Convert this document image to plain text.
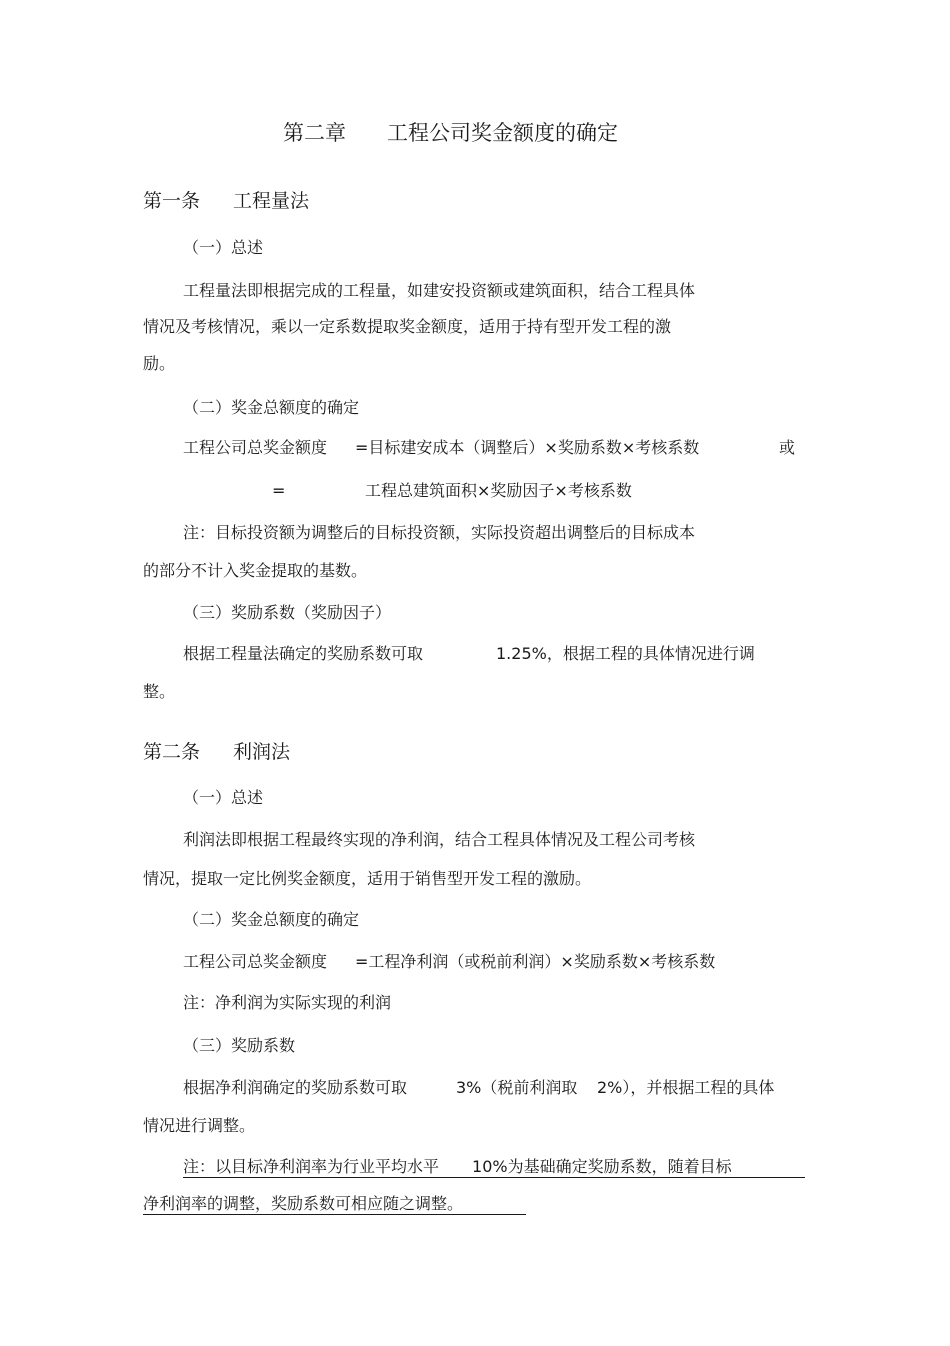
第二章 工程公司奖金额度的确定
第一条 工程量法
（一）总述
工程量法即根据完成的工程量，如建安投资额或建筑面积，结合工程具体
情况及考核情况，乘以一定系数提取奖金额度，适用于持有型开发工程的激
励。
（二）奖金总额度的确定
工程公司总奖金额度 =目标建安成本（调整后）×奖励系数×考核系数	或
=	工程总建筑面积×奖励因子×考核系数
注：目标投资额为调整后的目标投资额，实际投资超出调整后的目标成本
的部分不计入奖金提取的基数。
（三）奖励系数（奖励因子）
根据工程量法确定的奖励系数可取	1.25%，根据工程的具体情况进行调
整。
第二条 利润法
（一）总述
利润法即根据工程最终实现的净利润，结合工程具体情况及工程公司考核
情况，提取一定比例奖金额度，适用于销售型开发工程的激励。
（二）奖金总额度的确定
工程公司总奖金额度 =工程净利润（或税前利润）×奖励系数×考核系数
注：净利润为实际实现的利润
（三）奖励系数
根据净利润确定的奖励系数可取	3%（税前利润取 2%），并根据工程的具体
情况进行调整。
注：以目标净利润率为行业平均水平 10%为基础确定奖励系数，随着目标
净利润率的调整，奖励系数可相应随之调整。
